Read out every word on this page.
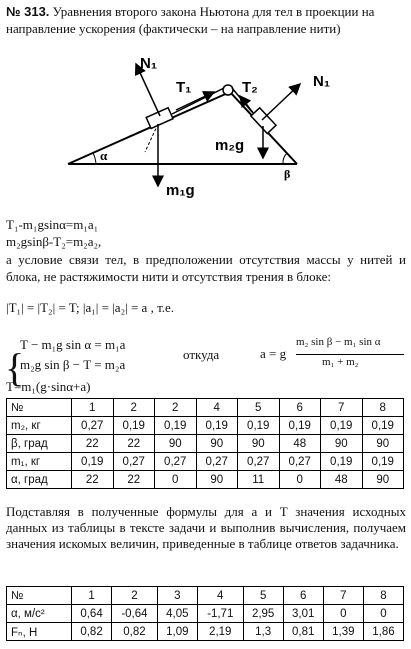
№ 313. Уравнения второго закона Ньютона для тел в проекции на направление ускорения (фактически – на направление нити)
N₁
T₁	T₂	N₁
α
β
m₂g
m₁g
T₁-m₁gsinα=m₁a₁
m₂gsinβ-T₂=m₂a₂,
а условие связи тел, в предположении отсутствия массы у нитей и блока, не растяжимости нити и отсутствия трения в блоке:
|T₁| = |T₂| = T; |a₁| = |a₂| = a , т.е.
{
T − m₁g sin α = m₁a
m₂g sin β − T = m₂a
откуда	a = g
m₂ sin β − m₁ sin α
m₁ + m₂
T=m₁(g·sinα+a)
№	1	2	2	4	5	6	7	8
m₂, кг	0,27	0,19	0,19	0,19	0,19	0,19	0,19	0,19
β, град	22	22	90	90	90	48	90	90
m₁, кг	0,19	0,27	0,27	0,27	0,27	0,27	0,19	0,19
α, град	22	22	0	90	11	0	48	90
Подставляя в полученные формулы для a и T значения исходных данных из таблицы в тексте задачи и выполнив вычисления, получаем значения искомых величин, приведенные в таблице ответов задачника.
№	1	2	3	4	5	6	7	8
α, м/с²	0,64	-0,64	4,05	-1,71	2,95	3,01	0	0
Fₙ, Н	0,82	0,82	1,09	2,19	1,3	0,81	1,39	1,86
